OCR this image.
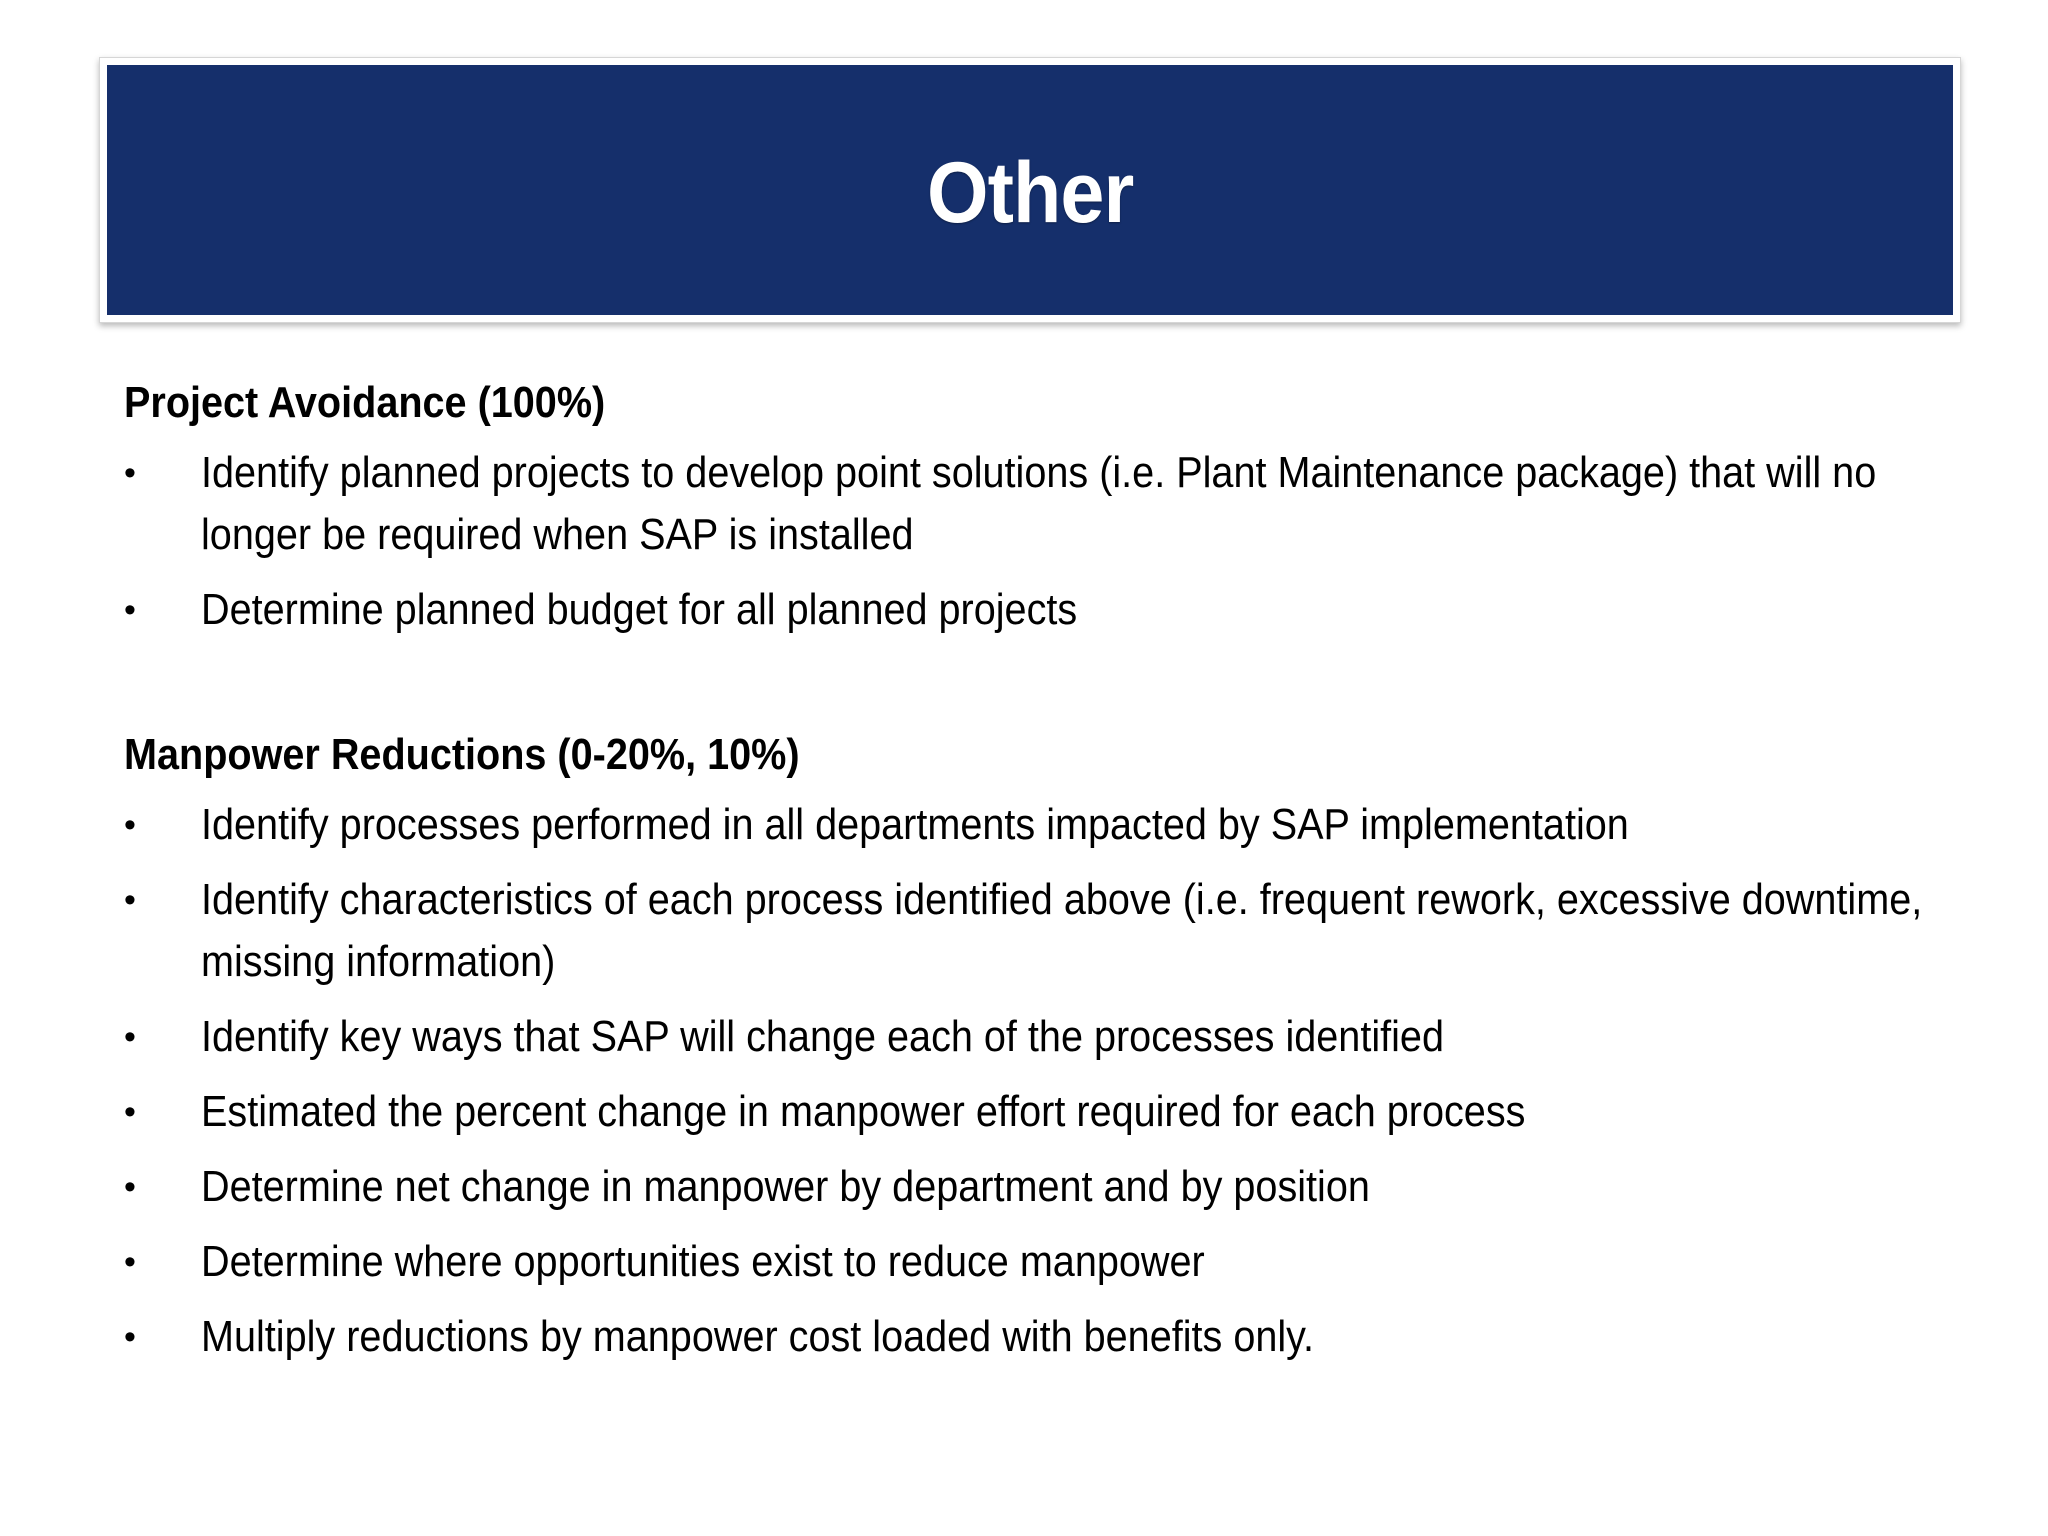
Other
Project Avoidance (100%)
•	Identify planned projects to develop point solutions (i.e. Plant Maintenance package) that will no longer be required when SAP is installed
•	Determine planned budget for all planned projects
Manpower Reductions (0-20%, 10%)
•	Identify processes performed in all departments impacted by SAP implementation
•	Identify characteristics of each process identified above (i.e. frequent rework, excessive downtime, missing information)
•	Identify key ways that SAP will change each of the processes identified
•	Estimated the percent change in manpower effort required for each process
•	Determine net change in manpower by department and by position
•	Determine where opportunities exist to reduce manpower
•	Multiply reductions by manpower cost loaded with benefits only.
